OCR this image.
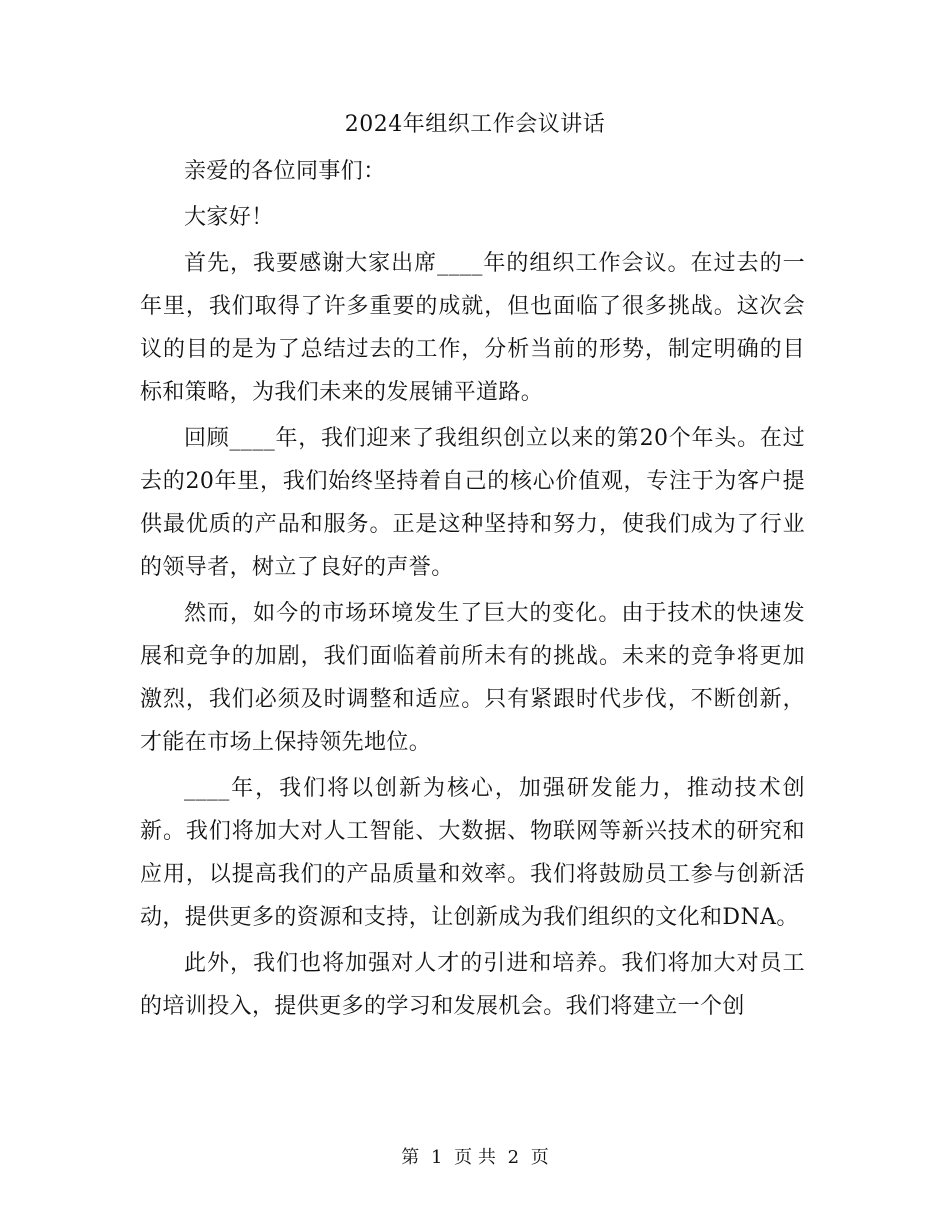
2024年组织工作会议讲话

亲爱的各位同事们：

大家好！

首先，我要感谢大家出席____年的组织工作会议。在过去的一年里，我们取得了许多重要的成就，但也面临了很多挑战。这次会议的目的是为了总结过去的工作，分析当前的形势，制定明确的目标和策略，为我们未来的发展铺平道路。

回顾____年，我们迎来了我组织创立以来的第20个年头。在过去的20年里，我们始终坚持着自己的核心价值观，专注于为客户提供最优质的产品和服务。正是这种坚持和努力，使我们成为了行业的领导者，树立了良好的声誉。

然而，如今的市场环境发生了巨大的变化。由于技术的快速发展和竞争的加剧，我们面临着前所未有的挑战。未来的竞争将更加激烈，我们必须及时调整和适应。只有紧跟时代步伐，不断创新，才能在市场上保持领先地位。

____年，我们将以创新为核心，加强研发能力，推动技术创新。我们将加大对人工智能、大数据、物联网等新兴技术的研究和应用，以提高我们的产品质量和效率。我们将鼓励员工参与创新活动，提供更多的资源和支持，让创新成为我们组织的文化和DNA。

此外，我们也将加强对人才的引进和培养。我们将加大对员工的培训投入，提供更多的学习和发展机会。我们将建立一个创

第 1 页 共 2 页
